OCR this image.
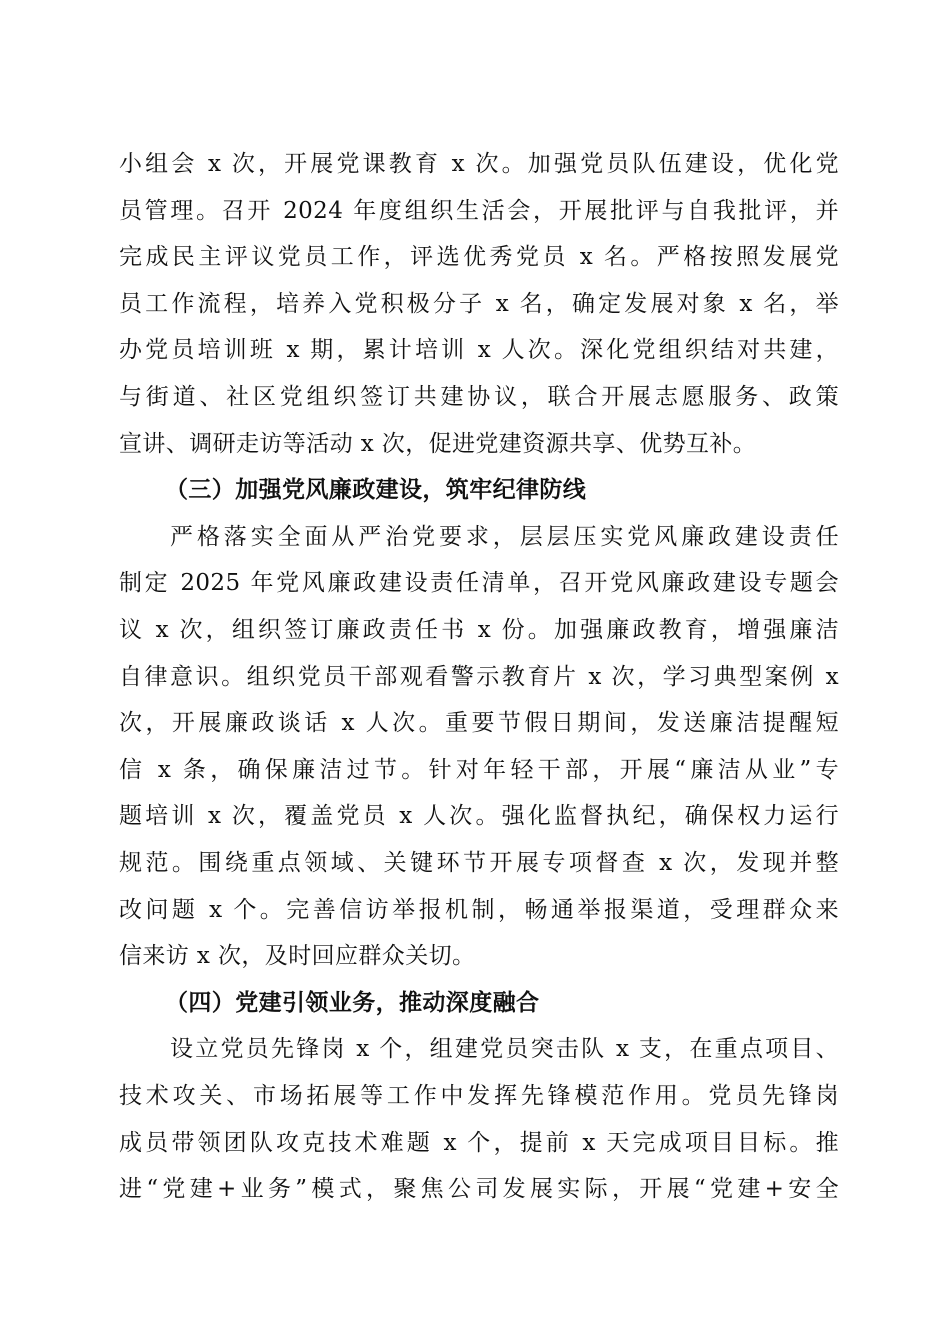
小组会 x 次，开展党课教育 x 次。加强党员队伍建设，优化党
员管理。召开 2024 年度组织生活会，开展批评与自我批评，并
完成民主评议党员工作，评选优秀党员 x 名。严格按照发展党
员工作流程，培养入党积极分子 x 名，确定发展对象 x 名，举
办党员培训班 x 期，累计培训 x 人次。深化党组织结对共建，
与街道、社区党组织签订共建协议，联合开展志愿服务、政策
宣讲、调研走访等活动 x 次，促进党建资源共享、优势互补。
（三）加强党风廉政建设，筑牢纪律防线
严格落实全面从严治党要求，层层压实党风廉政建设责任
制定 2025 年党风廉政建设责任清单，召开党风廉政建设专题会
议 x 次，组织签订廉政责任书 x 份。加强廉政教育，增强廉洁
自律意识。组织党员干部观看警示教育片 x 次，学习典型案例 x
次，开展廉政谈话 x 人次。重要节假日期间，发送廉洁提醒短
信 x 条，确保廉洁过节。针对年轻干部，开展“廉洁从业”专
题培训 x 次，覆盖党员 x 人次。强化监督执纪，确保权力运行
规范。围绕重点领域、关键环节开展专项督查 x 次，发现并整
改问题 x 个。完善信访举报机制，畅通举报渠道，受理群众来
信来访 x 次，及时回应群众关切。
（四）党建引领业务，推动深度融合
设立党员先锋岗 x 个，组建党员突击队 x 支，在重点项目、
技术攻关、市场拓展等工作中发挥先锋模范作用。党员先锋岗
成员带领团队攻克技术难题 x 个，提前 x 天完成项目目标。推
进“党建+业务”模式，聚焦公司发展实际，开展“党建+安全
